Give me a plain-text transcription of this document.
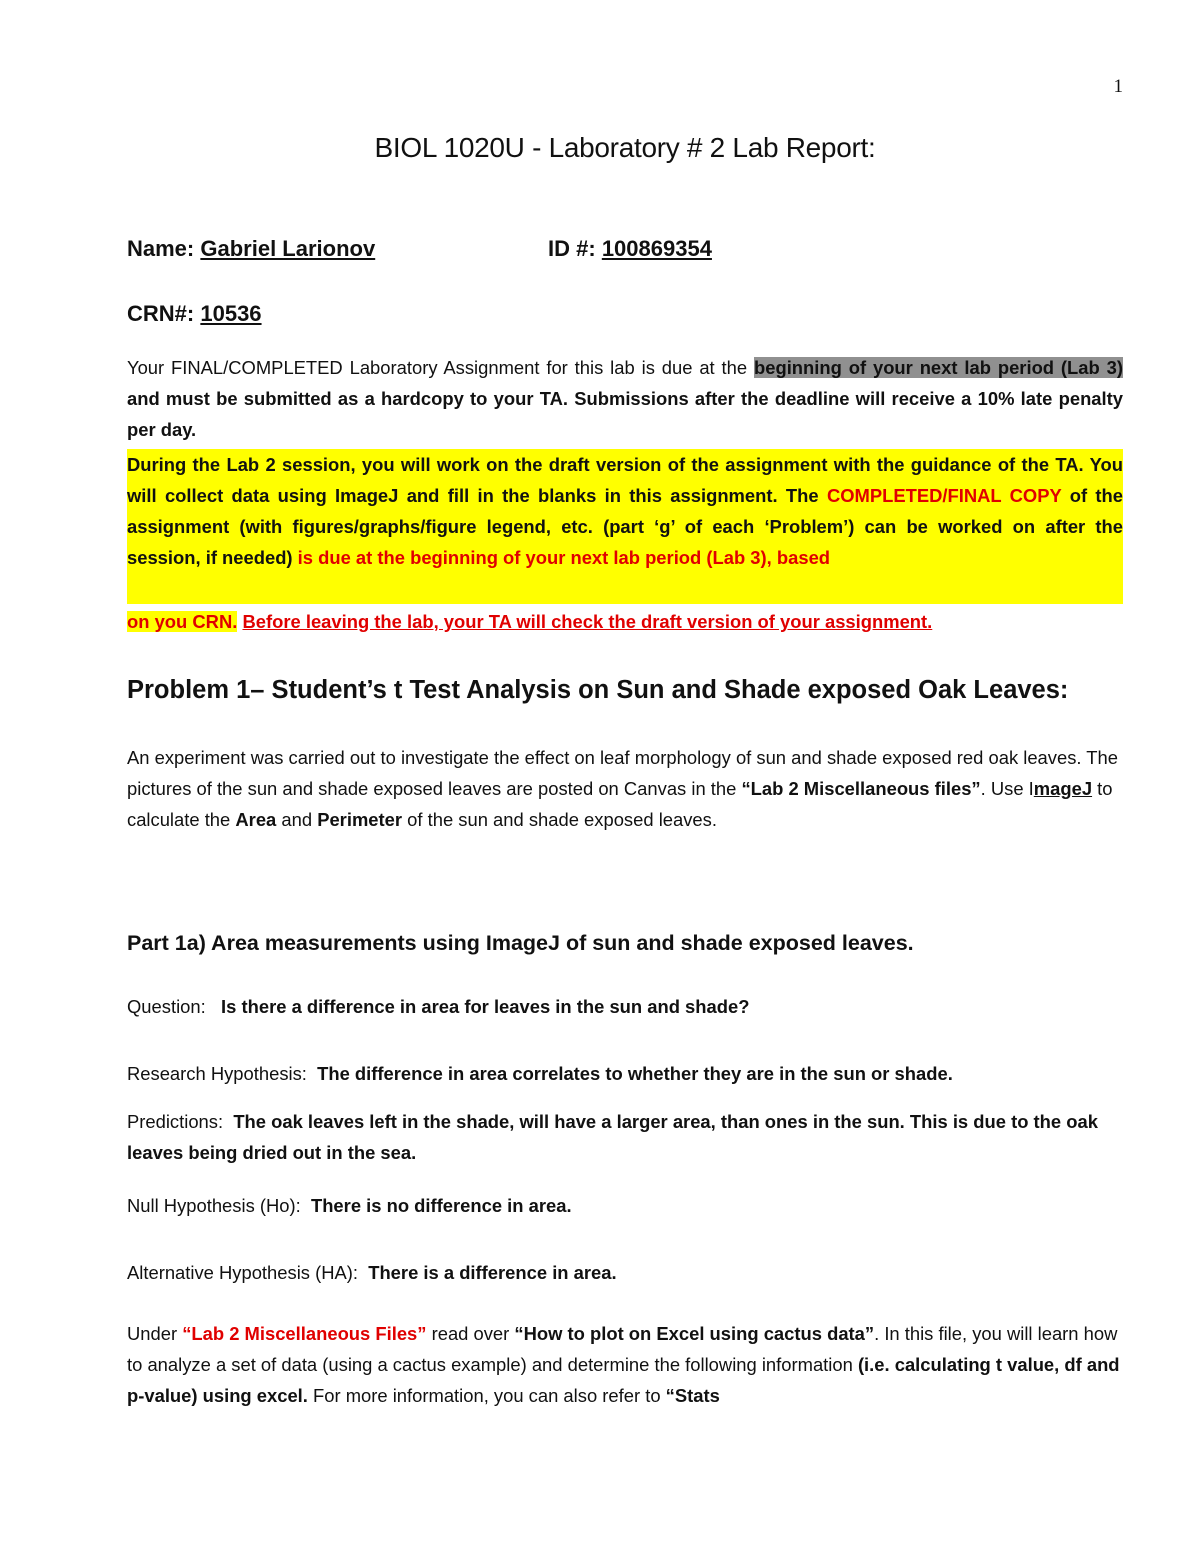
1
BIOL 1020U - Laboratory # 2 Lab Report:
Name: Gabriel Larionov	ID #: 100869354
CRN#: 10536
Your FINAL/COMPLETED Laboratory Assignment for this lab is due at the beginning of your next lab period (Lab 3) and must be submitted as a hardcopy to your TA. Submissions after the deadline will receive a 10% late penalty per day.
During the Lab 2 session, you will work on the draft version of the assignment with the guidance of the TA. You will collect data using ImageJ and fill in the blanks in this assignment. The COMPLETED/FINAL COPY of the assignment (with figures/graphs/figure legend, etc. (part ‘g’ of each ‘Problem’) can be worked on after the session, if needed) is due at the beginning of your next lab period (Lab 3), based
on you CRN. Before leaving the lab, your TA will check the draft version of your assignment.
Problem 1– Student’s t Test Analysis on Sun and Shade exposed Oak Leaves:
An experiment was carried out to investigate the effect on leaf morphology of sun and shade exposed red oak leaves. The pictures of the sun and shade exposed leaves are posted on Canvas in the “Lab 2 Miscellaneous files”. Use ImageJ to calculate the Area and Perimeter of the sun and shade exposed leaves.
Part 1a) Area measurements using ImageJ of sun and shade exposed leaves.
Question:   Is there a difference in area for leaves in the sun and shade?
Research Hypothesis:  The difference in area correlates to whether they are in the sun or shade.
Predictions:  The oak leaves left in the shade, will have a larger area, than ones in the sun. This is due to the oak leaves being dried out in the sea.
Null Hypothesis (Ho):  There is no difference in area.
Alternative Hypothesis (HA):  There is a difference in area.
Under “Lab 2 Miscellaneous Files” read over “How to plot on Excel using cactus data”. In this file, you will learn how to analyze a set of data (using a cactus example) and determine the following information (i.e. calculating t value, df and p-value) using excel. For more information, you can also refer to “Stats
